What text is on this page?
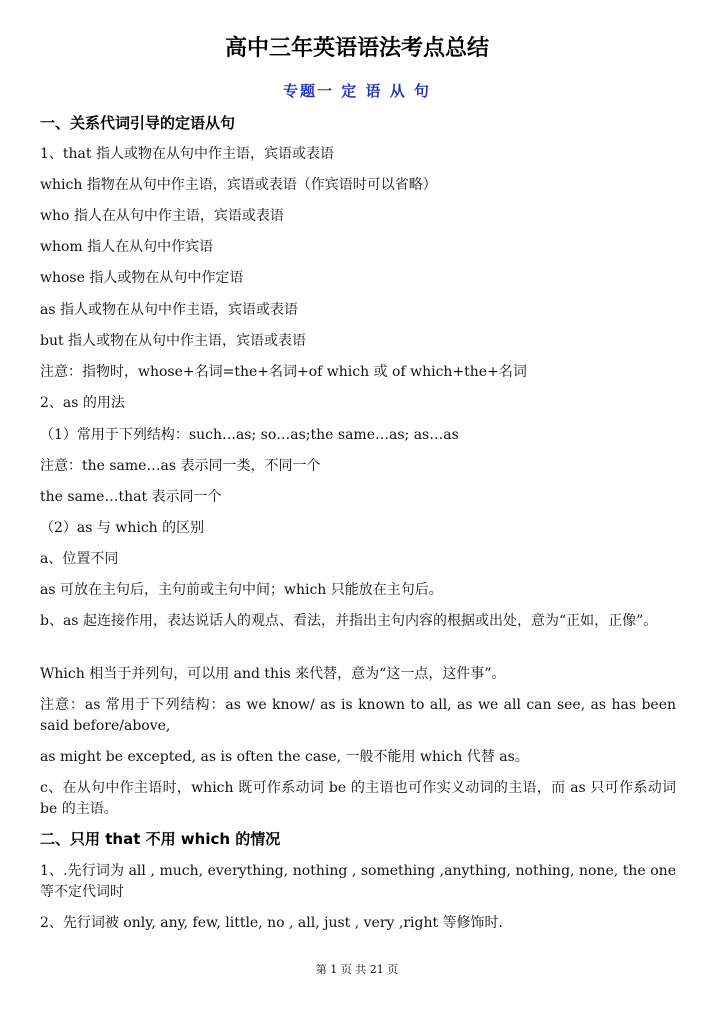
高中三年英语语法考点总结
专题一 定 语 从 句
一、关系代词引导的定语从句
1、that 指人或物在从句中作主语，宾语或表语
which 指物在从句中作主语，宾语或表语（作宾语时可以省略）
who 指人在从句中作主语，宾语或表语
whom 指人在从句中作宾语
whose 指人或物在从句中作定语
as 指人或物在从句中作主语，宾语或表语
but 指人或物在从句中作主语，宾语或表语
注意：指物时，whose+名词=the+名词+of which 或 of which+the+名词
2、as 的用法
（1）常用于下列结构：such…as; so…as;the same…as; as…as
注意：the same…as 表示同一类，不同一个
the same…that 表示同一个
（2）as 与 which 的区别
a、位置不同
as 可放在主句后，主句前或主句中间；which 只能放在主句后。
b、as 起连接作用，表达说话人的观点、看法，并指出主句内容的根据或出处，意为“正如，正像”。
Which 相当于并列句，可以用 and this 来代替，意为“这一点，这件事”。
注意：as 常用于下列结构：as we know/ as is known to all, as we all can see, as has been said before/above,
as might be excepted, as is often the case, 一般不能用 which 代替 as。
c、在从句中作主语时，which 既可作系动词 be 的主语也可作实义动词的主语，而 as 只可作系动词 be 的主语。
二、只用 that 不用 which 的情况
1、.先行词为 all , much, everything, nothing , something ,anything, nothing, none, the one 等不定代词时
2、先行词被 only, any, few, little, no , all, just , very ,right 等修饰时.
第 1 页 共 21 页
